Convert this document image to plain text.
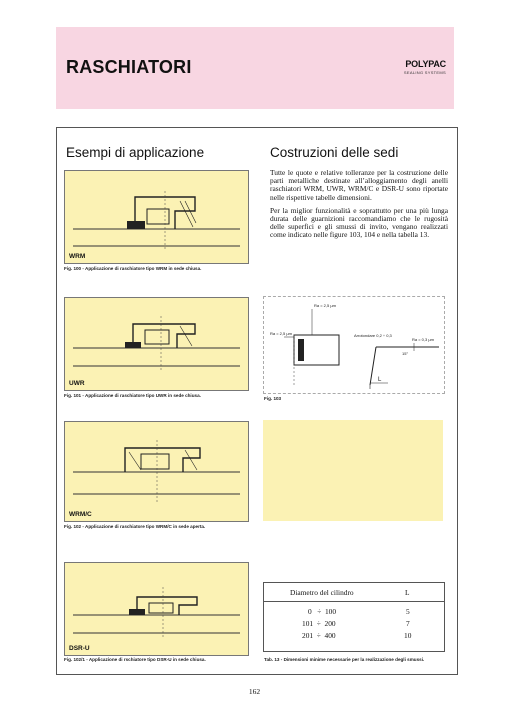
RASCHIATORI	POLYPAC
SEALING SYSTEMS
Esempi di applicazione	Costruzioni delle sedi

Tutte le quote e relative tolleranze per la costruzione delle parti metalliche destinate all’alloggiamento degli anelli raschiatori WRM, UWR, WRM/C e DSR-U sono riportate nelle rispettive tabelle dimensioni.

Per la miglior funzionalità e soprattutto per una più lunga durata delle guarnizioni raccomandiamo che le rugosità delle superfici e gli smussi di invito, vengano realizzati come indicato nelle figure 103, 104 e nella tabella 13.

WRM
Fig. 100 - Applicazione di raschiatore tipo WRM in sede chiusa.
UWR
Fig. 101 - Applicazione di raschiatore tipo UWR in sede chiusa.
WRM/C
Fig. 102 - Applicazione di raschiatore tipo WRM/C in sede aperta.
DSR-U
Fig. 102/1 - Applicazione di rschiatore tipo DSR-U in sede chiusa.
Ra = 2,5 µm
Ra = 2,5 µm	Arrotondare 0,2 ÷ 0,3
Ra = 0,3 µm
15°
L
Fig. 103
Diametro del cilindro	L
0   ÷  100	5
101  ÷  200	7
201  ÷  400	10
Tab. 13 - Dimensioni minime necessarie per la realizzazione degli smussi.
162
